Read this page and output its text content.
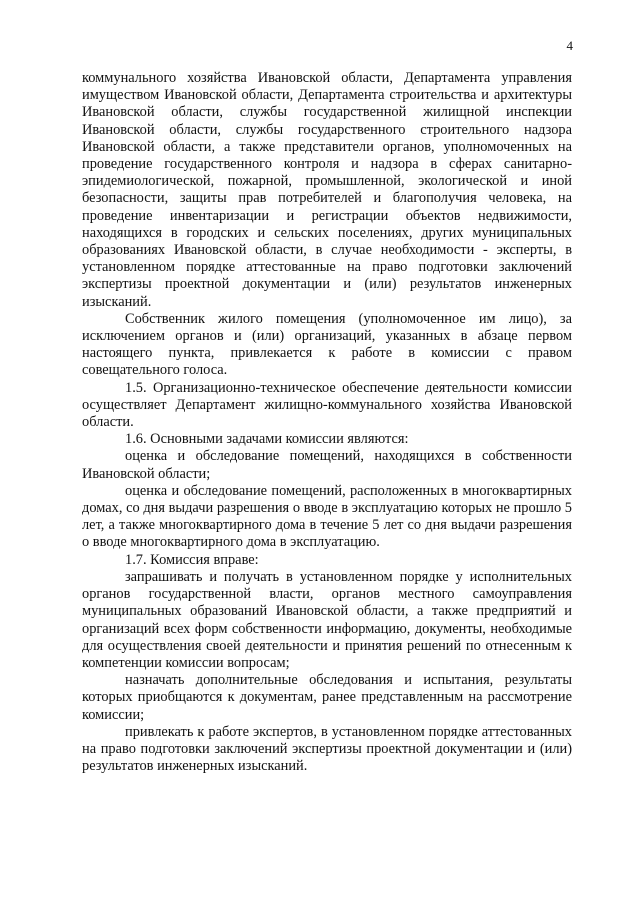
4

коммунального хозяйства Ивановской области, Департамента управления имуществом Ивановской области, Департамента строительства и архитектуры Ивановской области, службы государственной жилищной инспекции Ивановской области, службы государственного строительного надзора Ивановской области, а также представители органов, уполномоченных на проведение государственного контроля и надзора в сферах санитарно-эпидемиологической, пожарной, промышленной, экологической и иной безопасности, защиты прав потребителей и благополучия человека, на проведение инвентаризации и регистрации объектов недвижимости, находящихся в городских и сельских поселениях, других муниципальных образованиях Ивановской области, в случае необходимости - эксперты, в установленном порядке аттестованные на право подготовки заключений экспертизы проектной документации и (или) результатов инженерных изысканий.

Собственник жилого помещения (уполномоченное им лицо), за исключением органов и (или) организаций, указанных в абзаце первом настоящего пункта, привлекается к работе в комиссии с правом совещательного голоса.

1.5. Организационно-техническое обеспечение деятельности комиссии осуществляет Департамент жилищно-коммунального хозяйства Ивановской области.

1.6. Основными задачами комиссии являются:

оценка и обследование помещений, находящихся в собственности Ивановской области;

оценка и обследование помещений, расположенных в многоквартирных домах, со дня выдачи разрешения о вводе в эксплуатацию которых не прошло 5 лет, а также многоквартирного дома в течение 5 лет со дня выдачи разрешения о вводе многоквартирного дома в эксплуатацию.

1.7. Комиссия вправе:

запрашивать и получать в установленном порядке у исполнительных органов государственной власти, органов местного самоуправления муниципальных образований Ивановской области, а также предприятий и организаций всех форм собственности информацию, документы, необходимые для осуществления своей деятельности и принятия решений по отнесенным к компетенции комиссии вопросам;

назначать дополнительные обследования и испытания, результаты которых приобщаются к документам, ранее представленным на рассмотрение комиссии;

привлекать к работе экспертов, в установленном порядке аттестованных на право подготовки заключений экспертизы проектной документации и (или) результатов инженерных изысканий.
